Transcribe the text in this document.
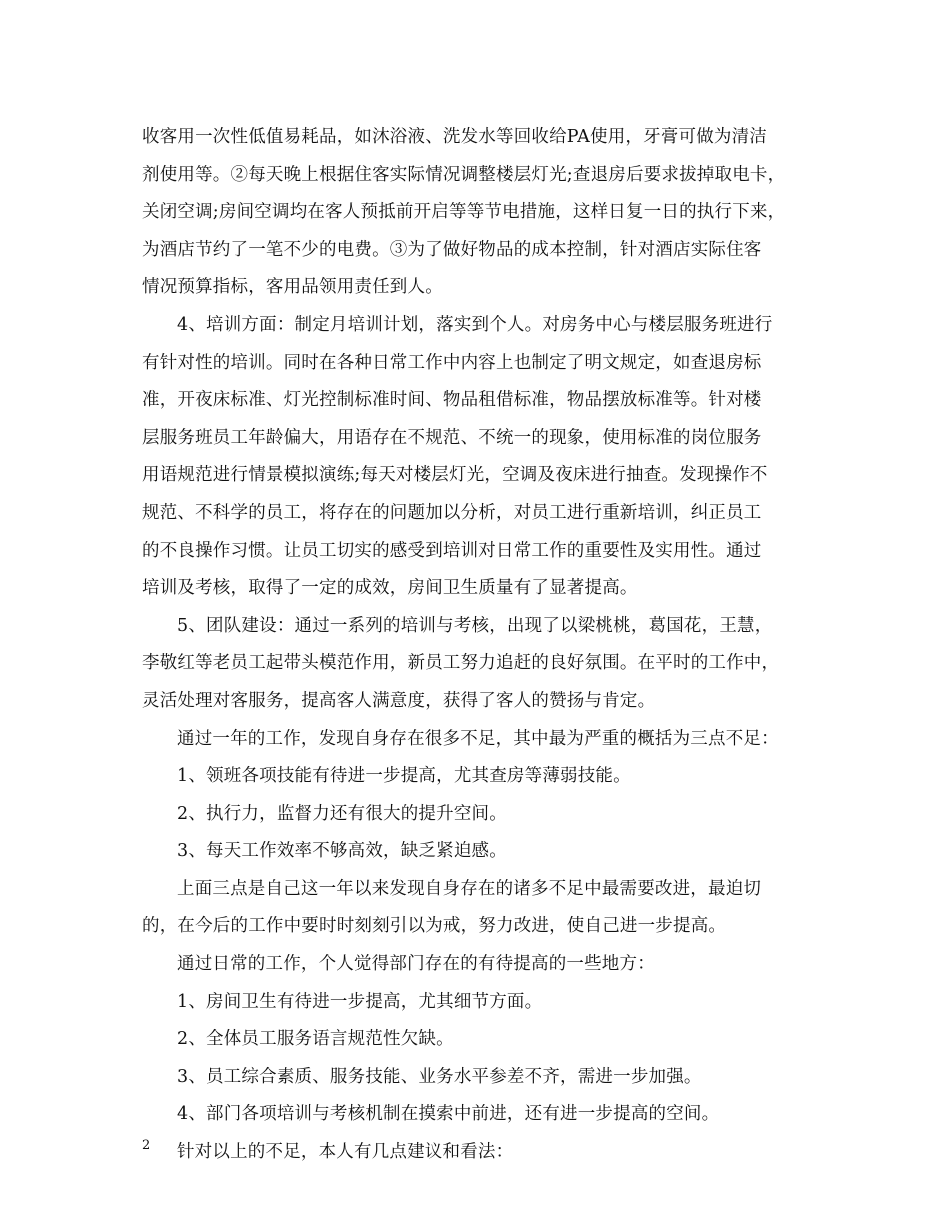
收客用一次性低值易耗品，如沐浴液、洗发水等回收给PA使用，牙膏可做为清洁
剂使用等。②每天晚上根据住客实际情况调整楼层灯光;查退房后要求拔掉取电卡，
关闭空调;房间空调均在客人预抵前开启等等节电措施，这样日复一日的执行下来，
为酒店节约了一笔不少的电费。③为了做好物品的成本控制，针对酒店实际住客
情况预算指标，客用品领用责任到人。
4、培训方面：制定月培训计划，落实到个人。对房务中心与楼层服务班进行
有针对性的培训。同时在各种日常工作中内容上也制定了明文规定，如查退房标
准，开夜床标准、灯光控制标准时间、物品租借标准，物品摆放标准等。针对楼
层服务班员工年龄偏大，用语存在不规范、不统一的现象，使用标准的岗位服务
用语规范进行情景模拟演练;每天对楼层灯光，空调及夜床进行抽查。发现操作不
规范、不科学的员工，将存在的问题加以分析，对员工进行重新培训，纠正员工
的不良操作习惯。让员工切实的感受到培训对日常工作的重要性及实用性。通过
培训及考核，取得了一定的成效，房间卫生质量有了显著提高。
5、团队建设：通过一系列的培训与考核，出现了以梁桃桃，葛国花，王慧，
李敬红等老员工起带头模范作用，新员工努力追赶的良好氛围。在平时的工作中，
灵活处理对客服务，提高客人满意度，获得了客人的赞扬与肯定。
通过一年的工作，发现自身存在很多不足，其中最为严重的概括为三点不足：
1、领班各项技能有待进一步提高，尤其查房等薄弱技能。
2、执行力，监督力还有很大的提升空间。
3、每天工作效率不够高效，缺乏紧迫感。
上面三点是自己这一年以来发现自身存在的诸多不足中最需要改进，最迫切
的，在今后的工作中要时时刻刻引以为戒，努力改进，使自己进一步提高。
通过日常的工作，个人觉得部门存在的有待提高的一些地方：
1、房间卫生有待进一步提高，尤其细节方面。
2、全体员工服务语言规范性欠缺。
3、员工综合素质、服务技能、业务水平参差不齐，需进一步加强。
4、部门各项培训与考核机制在摸索中前进，还有进一步提高的空间。
针对以上的不足，本人有几点建议和看法：
2
